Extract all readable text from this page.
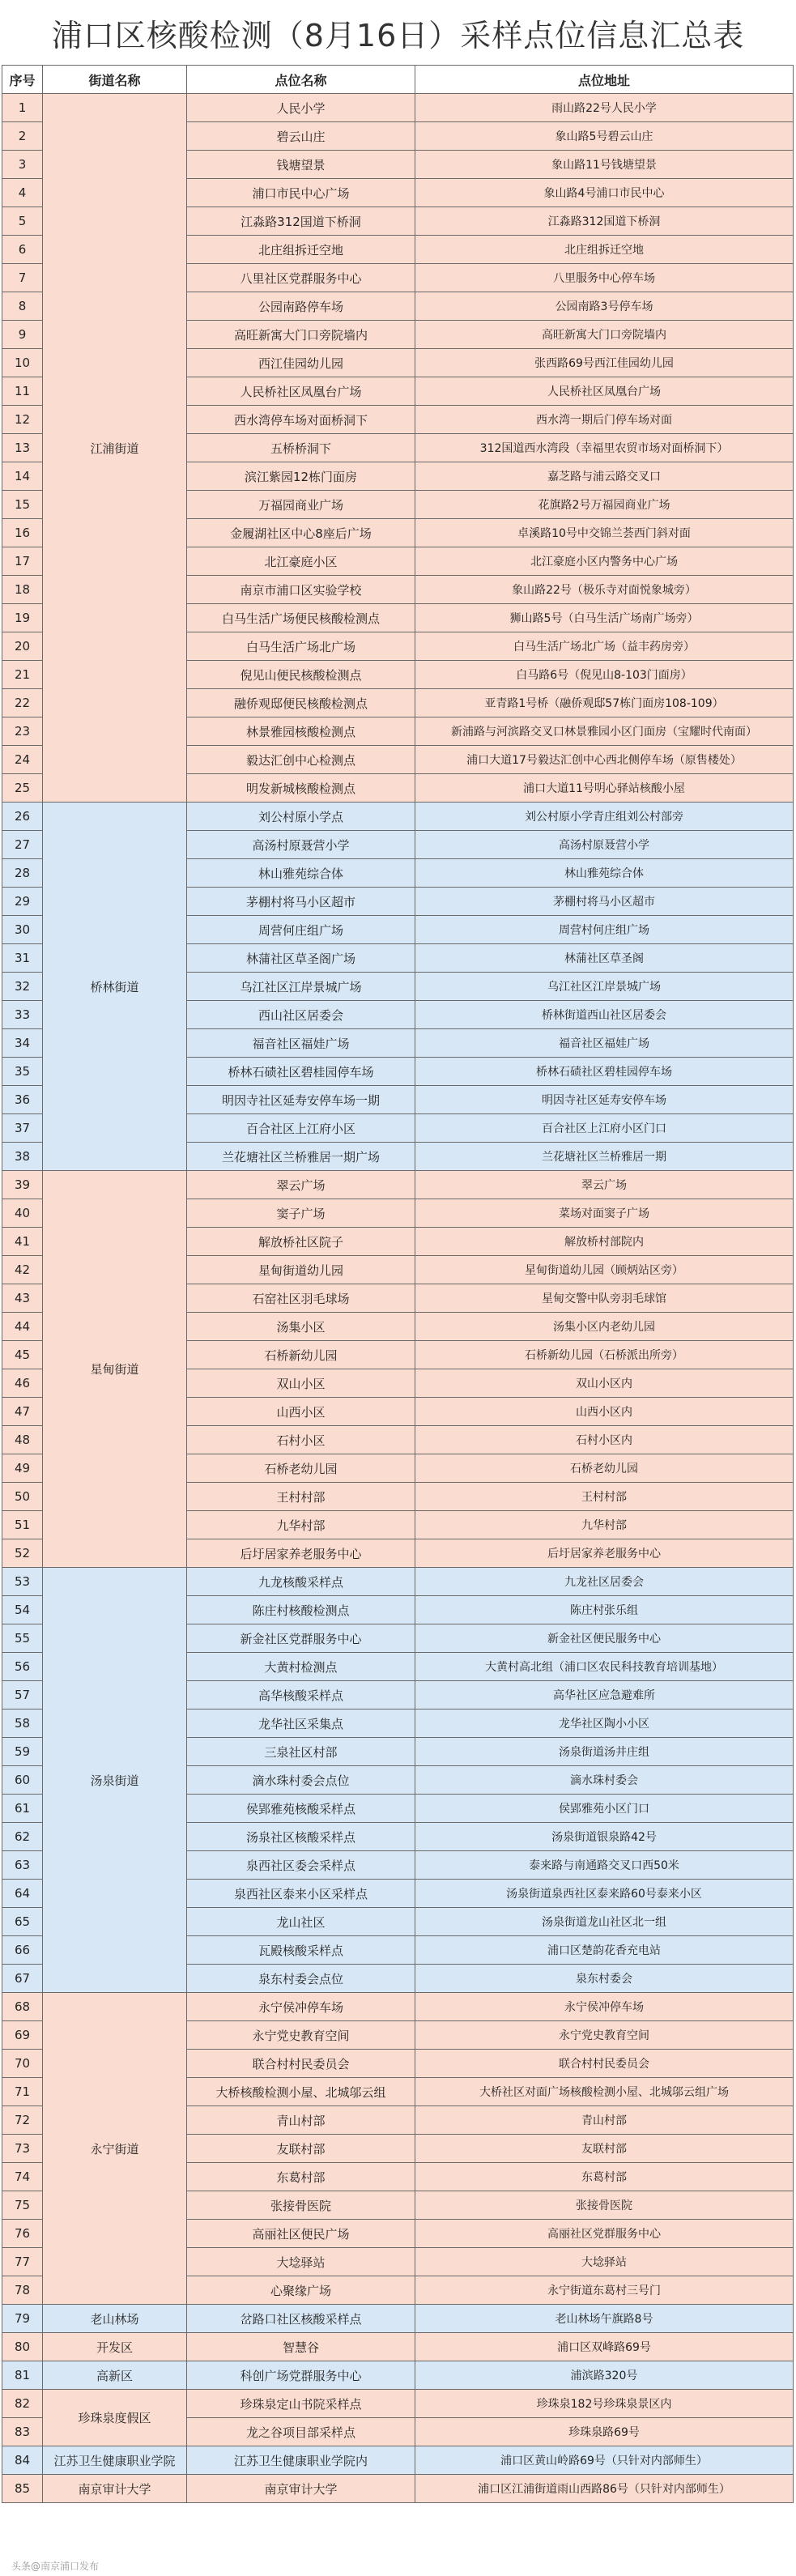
浦口区核酸检测（8月16日）采样点位信息汇总表
序号	街道名称	点位名称	点位地址
1	江浦街道	人民小学	雨山路22号人民小学
2		碧云山庄	象山路5号碧云山庄
3		钱塘望景	象山路11号钱塘望景
4		浦口市民中心广场	象山路4号浦口市民中心
5		江淼路312国道下桥洞	江淼路312国道下桥洞
6		北庄组拆迁空地	北庄组拆迁空地
7		八里社区党群服务中心	八里服务中心停车场
8		公园南路停车场	公园南路3号停车场
9		高旺新寓大门口旁院墙内	高旺新寓大门口旁院墙内
10		西江佳园幼儿园	张西路69号西江佳园幼儿园
11		人民桥社区凤凰台广场	人民桥社区凤凰台广场
12		西水湾停车场对面桥洞下	西水湾一期后门停车场对面
13		五桥桥洞下	312国道西水湾段（幸福里农贸市场对面桥洞下）
14		滨江紫园12栋门面房	嘉芝路与浦云路交叉口
15		万福园商业广场	花旗路2号万福园商业广场
16		金履湖社区中心8座后广场	卓溪路10号中交锦兰荟西门斜对面
17		北江豪庭小区	北江豪庭小区内警务中心广场
18		南京市浦口区实验学校	象山路22号（极乐寺对面悦象城旁）
19		白马生活广场便民核酸检测点	狮山路5号（白马生活广场南广场旁）
20		白马生活广场北广场	白马生活广场北广场（益丰药房旁）
21		倪见山便民核酸检测点	白马路6号（倪见山8-103门面房）
22		融侨观邸便民核酸检测点	亚青路1号桥（融侨观邸57栋门面房108-109）
23		林景雅园核酸检测点	新浦路与河滨路交叉口林景雅园小区门面房（宝耀时代南面）
24		毅达汇创中心检测点	浦口大道17号毅达汇创中心西北侧停车场（原售楼处）
25		明发新城核酸检测点	浦口大道11号明心驿站核酸小屋
26	桥林街道	刘公村原小学点	刘公村原小学青庄组刘公村部旁
27		高汤村原聂营小学	高汤村原聂营小学
28		林山雅苑综合体	林山雅苑综合体
29		茅棚村将马小区超市	茅棚村将马小区超市
30		周营何庄组广场	周营村何庄组广场
31		林蒲社区草圣阁广场	林蒲社区草圣阁
32		乌江社区江岸景城广场	乌江社区江岸景城广场
33		西山社区居委会	桥林街道西山社区居委会
34		福音社区福娃广场	福音社区福娃广场
35		桥林石碛社区碧桂园停车场	桥林石碛社区碧桂园停车场
36		明因寺社区延寿安停车场一期	明因寺社区延寿安停车场
37		百合社区上江府小区	百合社区上江府小区门口
38		兰花塘社区兰桥雅居一期广场	兰花塘社区兰桥雅居一期
39	星甸街道	翠云广场	翠云广场
40		窦子广场	菜场对面窦子广场
41		解放桥社区院子	解放桥村部院内
42		星甸街道幼儿园	星甸街道幼儿园（顾炳站区旁）
43		石窑社区羽毛球场	星甸交警中队旁羽毛球馆
44		汤集小区	汤集小区内老幼儿园
45		石桥新幼儿园	石桥新幼儿园（石桥派出所旁）
46		双山小区	双山小区内
47		山西小区	山西小区内
48		石村小区	石村小区内
49		石桥老幼儿园	石桥老幼儿园
50		王村村部	王村村部
51		九华村部	九华村部
52		后圩居家养老服务中心	后圩居家养老服务中心
53	汤泉街道	九龙核酸采样点	九龙社区居委会
54		陈庄村核酸检测点	陈庄村张乐组
55		新金社区党群服务中心	新金社区便民服务中心
56		大黄村检测点	大黄村高北组（浦口区农民科技教育培训基地）
57		高华核酸采样点	高华社区应急避难所
58		龙华社区采集点	龙华社区陶小小区
59		三泉社区村部	汤泉街道汤井庄组
60		滴水珠村委会点位	滴水珠村委会
61		侯郢雅苑核酸采样点	侯郢雅苑小区门口
62		汤泉社区核酸采样点	汤泉街道银泉路42号
63		泉西社区委会采样点	泰来路与南通路交叉口西50米
64		泉西社区泰来小区采样点	汤泉街道泉西社区泰来路60号泰来小区
65		龙山社区	汤泉街道龙山社区北一组
66		瓦殿核酸采样点	浦口区楚韵花香充电站
67		泉东村委会点位	泉东村委会
68	永宁街道	永宁侯冲停车场	永宁侯冲停车场
69		永宁党史教育空间	永宁党史教育空间
70		联合村村民委员会	联合村村民委员会
71		大桥核酸检测小屋、北城邬云组	大桥社区对面广场核酸检测小屋、北城邬云组广场
72		青山村部	青山村部
73		友联村部	友联村部
74		东葛村部	东葛村部
75		张接骨医院	张接骨医院
76		高丽社区便民广场	高丽社区党群服务中心
77		大埝驿站	大埝驿站
78		心聚缘广场	永宁街道东葛村三号门
79	老山林场	岔路口社区核酸采样点	老山林场午旗路8号
80	开发区	智慧谷	浦口区双峰路69号
81	高新区	科创广场党群服务中心	浦滨路320号
82	珍珠泉度假区	珍珠泉定山书院采样点	珍珠泉182号珍珠泉景区内
83		龙之谷项目部采样点	珍珠泉路69号
84	江苏卫生健康职业学院	江苏卫生健康职业学院内	浦口区黄山岭路69号（只针对内部师生）
85	南京审计大学	南京审计大学	浦口区江浦街道雨山西路86号（只针对内部师生）
头条@南京浦口发布
